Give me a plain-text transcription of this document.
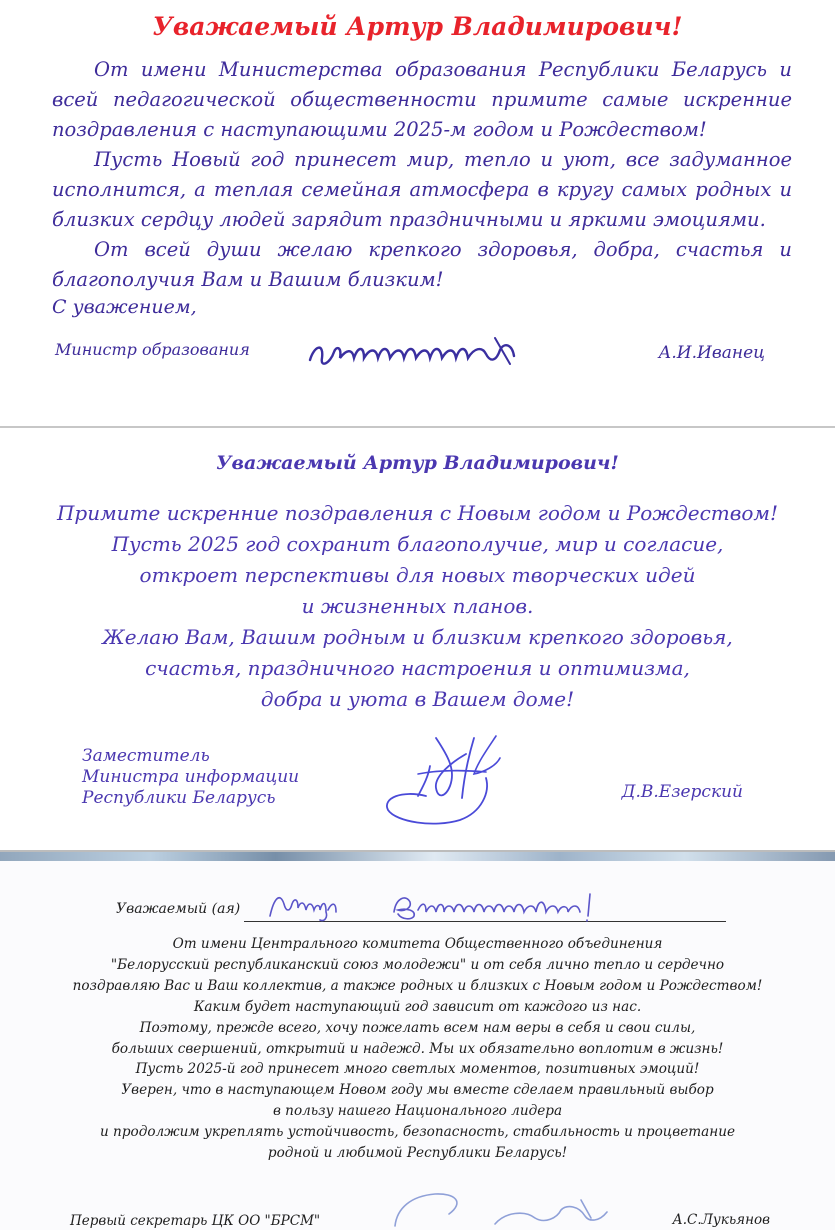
Уважаемый Артур Владимирович!

От имени Министерства образования Республики Беларусь и всей педагогической общественности примите самые искренние поздравления с наступающими 2025-м годом и Рождеством!

Пусть Новый год принесет мир, тепло и уют, все задуманное исполнится, а теплая семейная атмосфера в кругу самых родных и близких сердцу людей зарядит праздничными и яркими эмоциями.

От всей души желаю крепкого здоровья, добра, счастья и благополучия Вам и Вашим близким!

С уважением,
Министр образования	А.И.Иванец
Уважаемый Артур Владимирович!
Примите искренние поздравления с Новым годом и Рождеством!
Пусть 2025 год сохранит благополучие, мир и согласие,
откроет перспективы для новых творческих идей
и жизненных планов.
Желаю Вам, Вашим родным и близким крепкого здоровья,
счастья, праздничного настроения и оптимизма,
добра и уюта в Вашем доме!
Заместитель
Министра информации
Республики Беларусь	Д.В.Езерский
Уважаемый (ая)
От имени Центрального комитета Общественного объединения
"Белорусский республиканский союз молодежи" и от себя лично тепло и сердечно
поздравляю Вас и Ваш коллектив, а также родных и близких с Новым годом и Рождеством!
Каким будет наступающий год зависит от каждого из нас.
Поэтому, прежде всего, хочу пожелать всем нам веры в себя и свои силы,
больших свершений, открытий и надежд. Мы их обязательно воплотим в жизнь!
Пусть 2025-й год принесет много светлых моментов, позитивных эмоций!
Уверен, что в наступающем Новом году мы вместе сделаем правильный выбор
в пользу нашего Национального лидера
и продолжим укреплять устойчивость, безопасность, стабильность и процветание
родной и любимой Республики Беларусь!
Первый секретарь ЦК ОО "БРСМ"	А.С.Лукьянов
